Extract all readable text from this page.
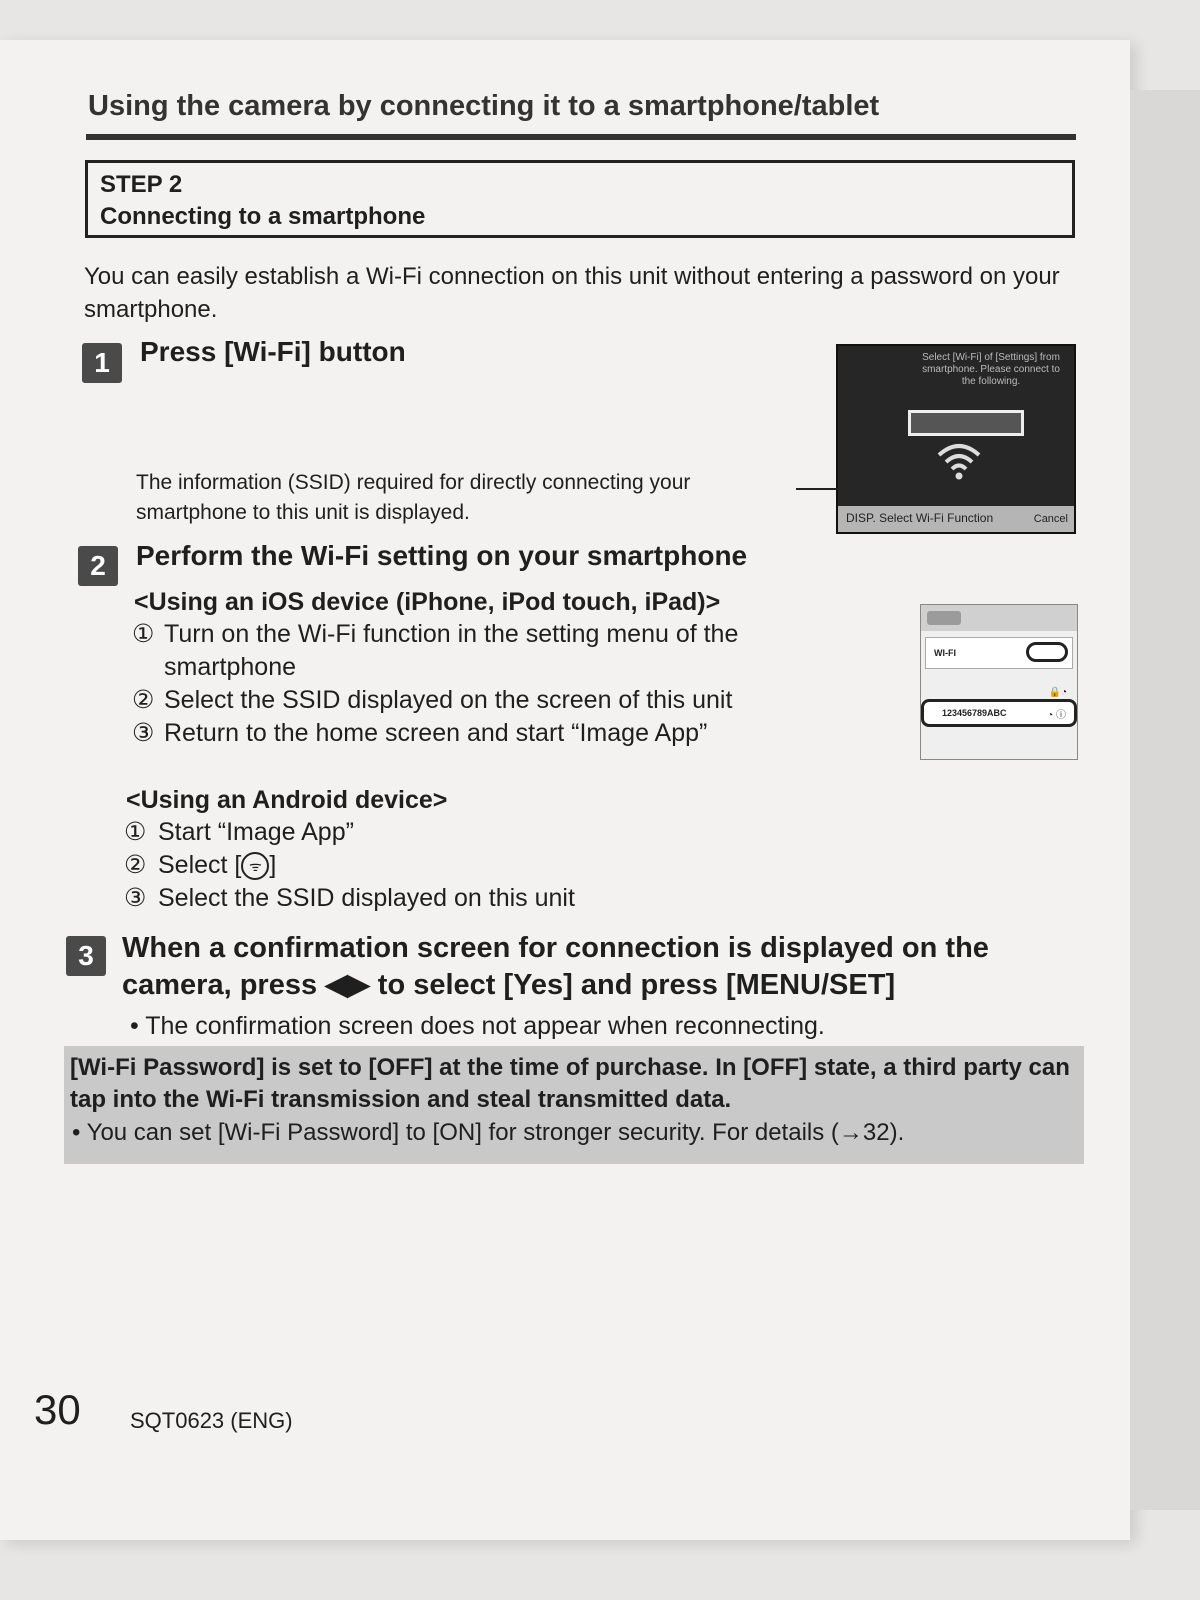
Using the camera by connecting it to a smartphone/tablet
STEP 2
Connecting to a smartphone
You can easily establish a Wi-Fi connection on this unit without entering a password on your smartphone.
1	Press [Wi-Fi] button	Select [Wi-Fi] of [Settings] from smartphone. Please connect to the following.
DISP. Select Wi-Fi Function	Cancel
The information (SSID) required for directly connecting your smartphone to this unit is displayed.
2	Perform the Wi-Fi setting on your smartphone
<Using an iOS device (iPhone, iPod touch, iPad)>
① Turn on the Wi-Fi function in the setting menu of the
smartphone
② Select the SSID displayed on the screen of this unit
③ Return to the home screen and start “Image App”
WI-FI
🔒◔
123456789ABC	◔ ⓘ
<Using an Android device>
① Start “Image App”
② Select [ ᯤ ]
③ Select the SSID displayed on this unit
3 When a confirmation screen for connection is displayed on the camera, press ◀▶ to select [Yes] and press [MENU/SET]
• The confirmation screen does not appear when reconnecting.
[Wi-Fi Password] is set to [OFF] at the time of purchase. In [OFF] state, a third party can tap into the Wi-Fi transmission and steal transmitted data.
• You can set [Wi-Fi Password] to [ON] for stronger security. For details (→32).
30 SQT0623 (ENG)
